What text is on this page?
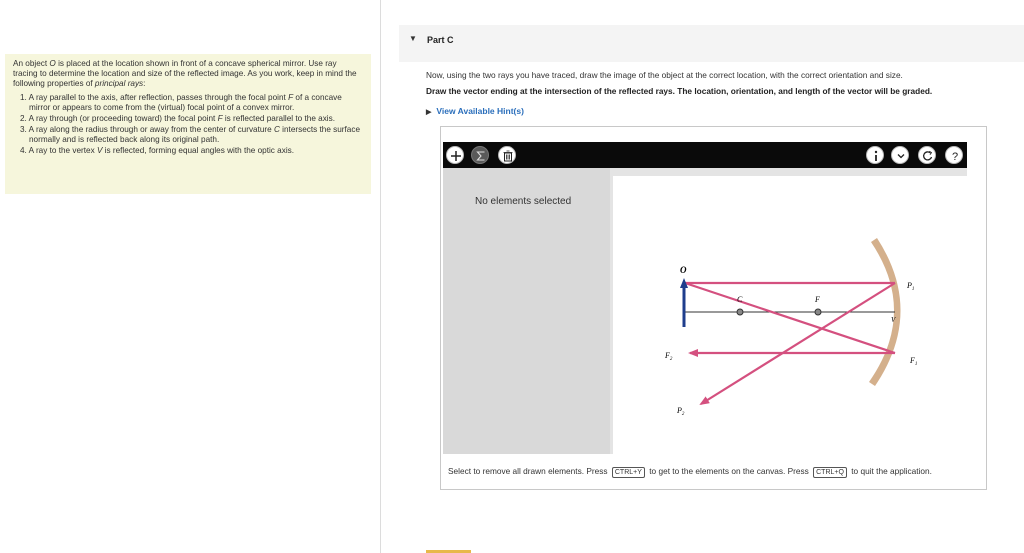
An object O is placed at the location shown in front of a concave spherical mirror. Use ray tracing to determine the location and size of the reflected image. As you work, keep in mind the following properties of principal rays:

1. A ray parallel to the axis, after reflection, passes through the focal point F of a concave mirror or appears to come from the (virtual) focal point of a convex mirror.
2. A ray through (or proceeding toward) the focal point F is reflected parallel to the axis.
3. A ray along the radius through or away from the center of curvature C intersects the surface normally and is reflected back along its original path.
4. A ray to the vertex V is reflected, forming equal angles with the optic axis.
▼ Part C
Now, using the two rays you have traced, draw the image of the object at the correct location, with the correct orientation and size.
Draw the vector ending at the intersection of the reflected rays. The location, orientation, and length of the vector will be graded.
▶ View Available Hint(s)
?
No elements selected
O
C	F
V
$P_1$
$F_1$
$F_2$
$P_2$
Select to remove all drawn elements. Press CTRL+Y to get to the elements on the canvas. Press CTRL+Q to quit the application.
